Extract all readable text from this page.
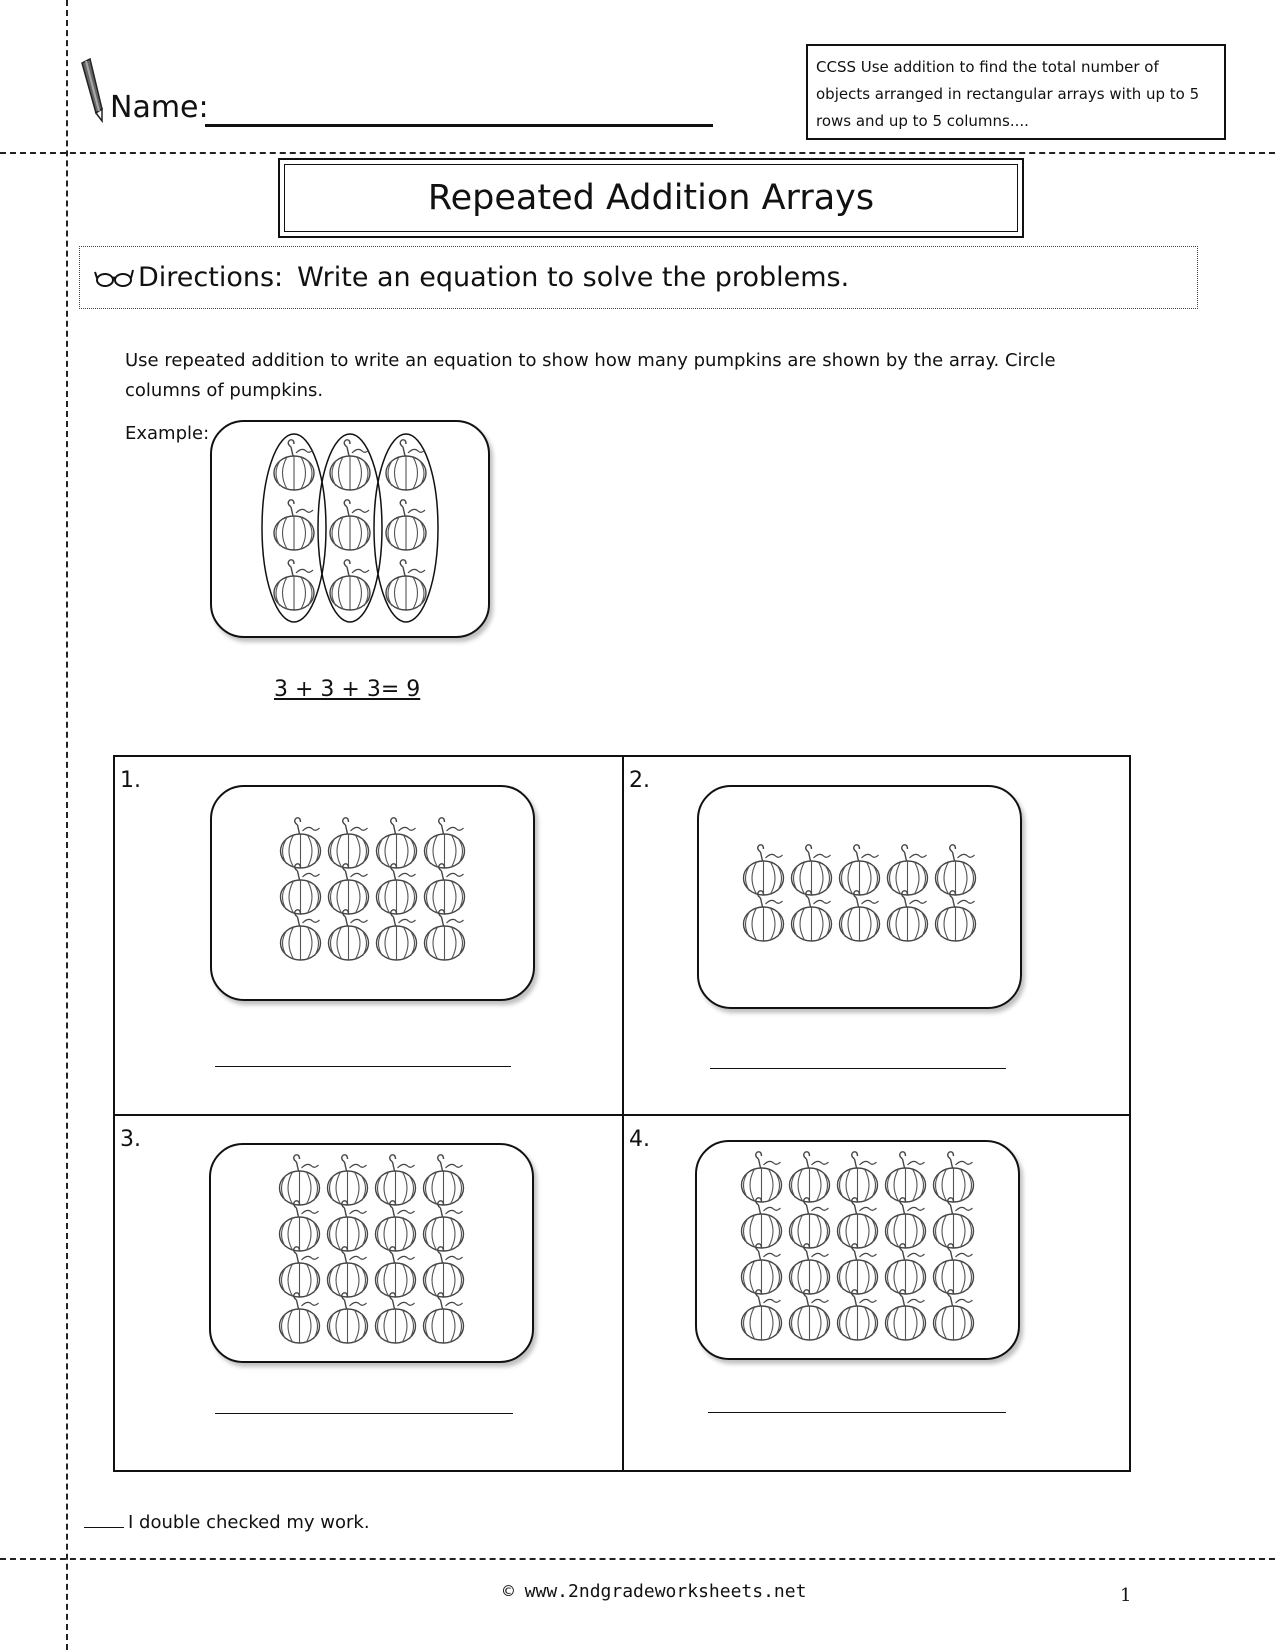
Name:
CCSS Use addition to find the total number of objects arranged in rectangular arrays with up to 5 rows and up to 5 columns....
Repeated Addition Arrays
Directions: Write an equation to solve the problems.
Use repeated addition to write an equation to show how many pumpkins are shown by the array. Circle columns of pumpkins.
Example:
3 + 3 + 3= 9
1.	2.
3.	4.
I double checked my work.
© www.2ndgradeworksheets.net	1
